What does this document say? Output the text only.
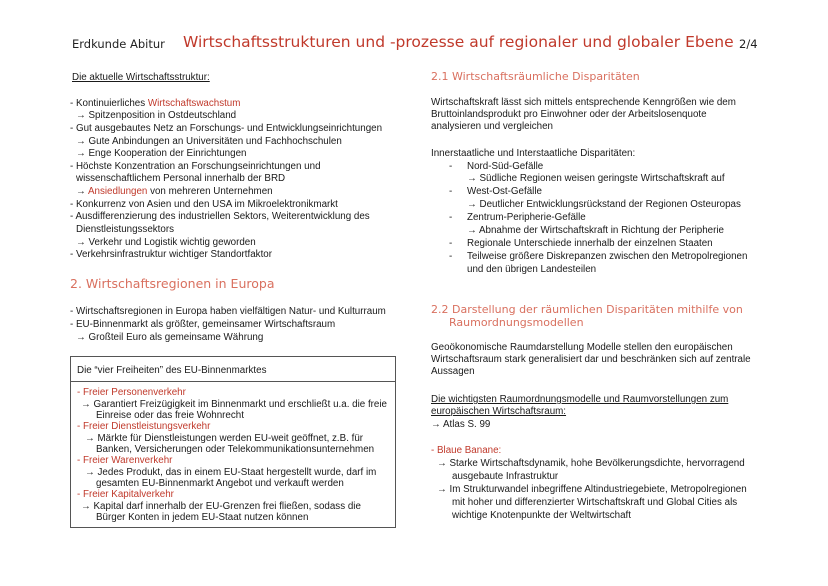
Erdkunde Abitur Wirtschaftsstrukturen und -prozesse auf regionaler und globaler Ebene 2/4
Die aktuelle Wirtschaftsstruktur:
- Kontinuierliches Wirtschaftswachstum
→ Spitzenposition in Ostdeutschland
- Gut ausgebautes Netz an Forschungs- und Entwicklungseinrichtungen
→ Gute Anbindungen an Universitäten und Fachhochschulen
→ Enge Kooperation der Einrichtungen
- Höchste Konzentration an Forschungseinrichtungen und
wissenschaftlichem Personal innerhalb der BRD
→ Ansiedlungen von mehreren Unternehmen
- Konkurrenz von Asien und den USA im Mikroelektronikmarkt
- Ausdifferenzierung des industriellen Sektors, Weiterentwicklung des
Dienstleistungssektors
→ Verkehr und Logistik wichtig geworden
- Verkehrsinfrastruktur wichtiger Standortfaktor
2. Wirtschaftsregionen in Europa
- Wirtschaftsregionen in Europa haben vielfältigen Natur- und Kulturraum
- EU-Binnenmarkt als größter, gemeinsamer Wirtschaftsraum
→ Großteil Euro als gemeinsame Währung
Die “vier Freiheiten” des EU-Binnenmarktes
- Freier Personenverkehr
→ Garantiert Freizügigkeit im Binnenmarkt und erschließt u.a. die freie
Einreise oder das freie Wohnrecht
- Freier Dienstleistungsverkehr
→ Märkte für Dienstleistungen werden EU-weit geöffnet, z.B. für
Banken, Versicherungen oder Telekommunikationsunternehmen
- Freier Warenverkehr
→ Jedes Produkt, das in einem EU-Staat hergestellt wurde, darf im
gesamten EU-Binnenmarkt Angebot und verkauft werden
- Freier Kapitalverkehr
→ Kapital darf innerhalb der EU-Grenzen frei fließen, sodass die
Bürger Konten in jedem EU-Staat nutzen können
2.1 Wirtschaftsräumliche Disparitäten
Wirtschaftskraft lässt sich mittels entsprechende Kenngrößen wie dem
Bruttoinlandsprodukt pro Einwohner oder der Arbeitslosenquote
analysieren und vergleichen
Innerstaatliche und Interstaatliche Disparitäten:
- Nord-Süd-Gefälle
→ Südliche Regionen weisen geringste Wirtschaftskraft auf
- West-Ost-Gefälle
→ Deutlicher Entwicklungsrückstand der Regionen Osteuropas
- Zentrum-Peripherie-Gefälle
→ Abnahme der Wirtschaftskraft in Richtung der Peripherie
- Regionale Unterschiede innerhalb der einzelnen Staaten
- Teilweise größere Diskrepanzen zwischen den Metropolregionen
und den übrigen Landesteilen
2.2 Darstellung der räumlichen Disparitäten mithilfe von
Raumordnungsmodellen
Geoökonomische Raumdarstellung Modelle stellen den europäischen
Wirtschaftsraum stark generalisiert dar und beschränken sich auf zentrale
Aussagen
Die wichtigsten Raumordnungsmodelle und Raumvorstellungen zum
europäischen Wirtschaftsraum:
→ Atlas S. 99
- Blaue Banane:
→ Starke Wirtschaftsdynamik, hohe Bevölkerungsdichte, hervorragend
ausgebaute Infrastruktur
→ Im Strukturwandel inbegriffene Altindustriegebiete, Metropolregionen
mit hoher und differenzierter Wirtschaftskraft und Global Cities als
wichtige Knotenpunkte der Weltwirtschaft
